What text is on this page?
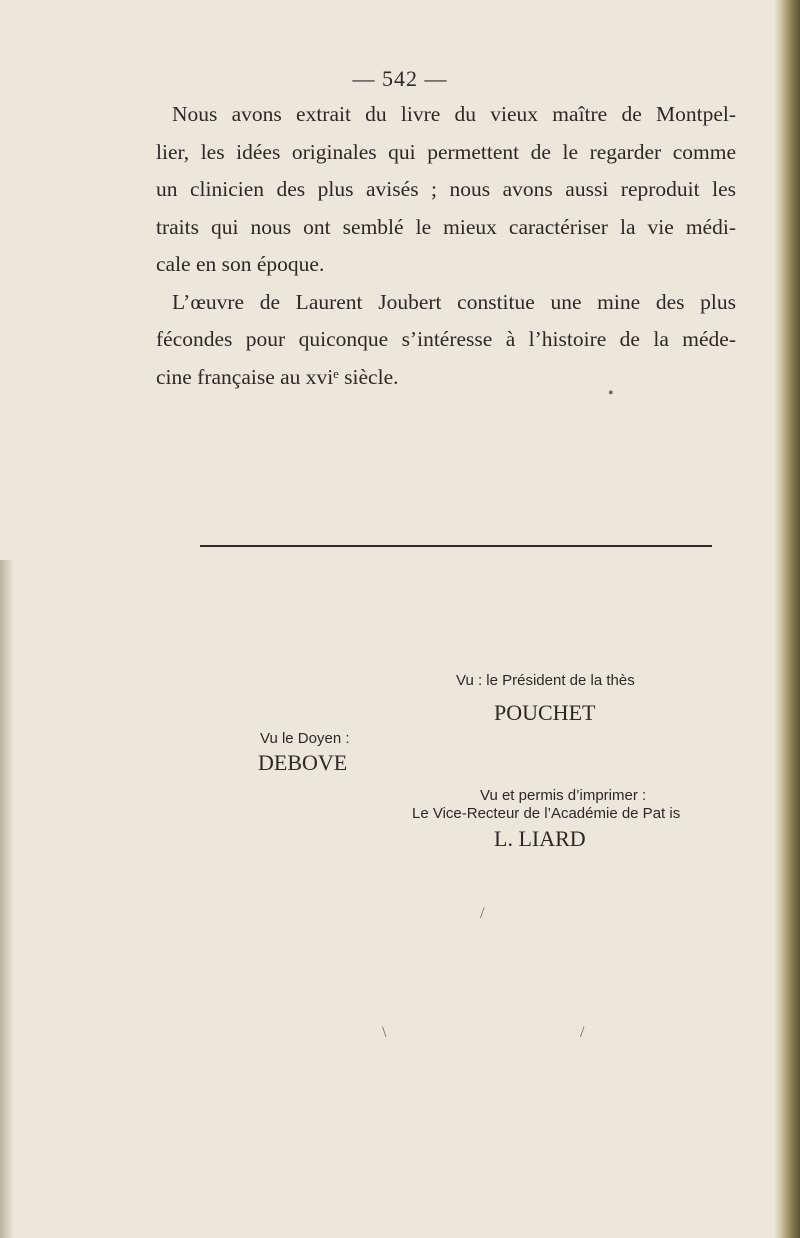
— 542 —
Nous avons extrait du livre du vieux maître de Montpel-
lier, les idées originales qui permettent de le regarder comme
un clinicien des plus avisés ; nous avons aussi reproduit les
traits qui nous ont semblé le mieux caractériser la vie médi-
cale en son époque.
L’œuvre de Laurent Joubert constitue une mine des plus
fécondes pour quiconque s’intéresse à l’histoire de la méde-
cine française au xviᵉ siècle.
Vu : le Président de la thès
POUCHET
Vu le Doyen :
DEBOVE
Vu et permis d’imprimer :
Le Vice-Recteur de l’Académie de Pat is
L. LIARD
•
/
\	/
